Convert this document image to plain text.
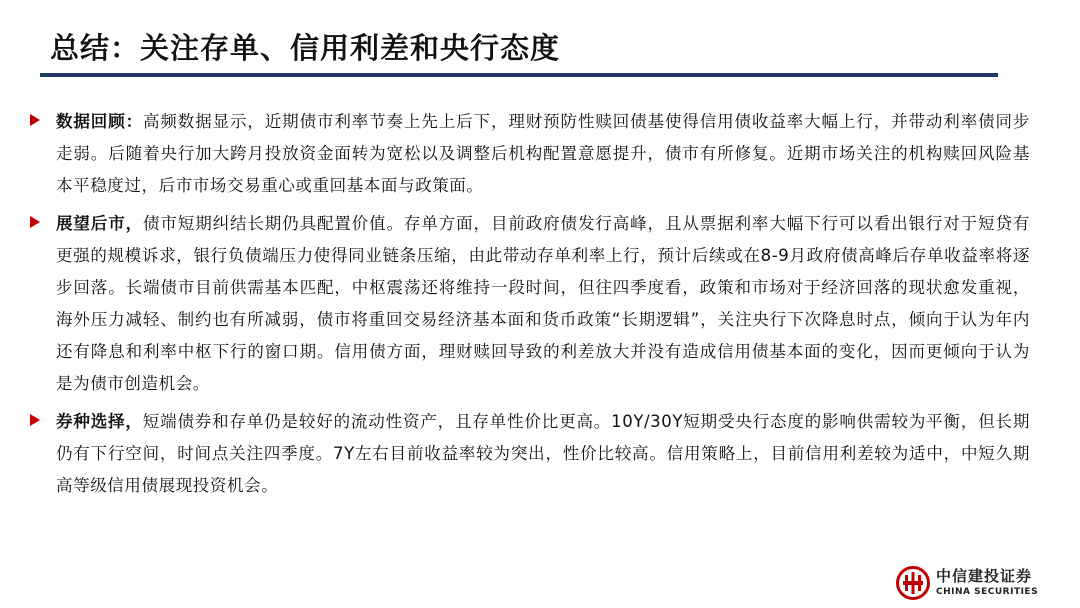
总结：关注存单、信用利差和央行态度
数据回顾：高频数据显示，近期债市利率节奏上先上后下，理财预防性赎回债基使得信用债收益率大幅上行，并带动利率债同步走弱。后随着央行加大跨月投放资金面转为宽松以及调整后机构配置意愿提升，债市有所修复。近期市场关注的机构赎回风险基本平稳度过，后市市场交易重心或重回基本面与政策面。
展望后市，债市短期纠结长期仍具配置价值。存单方面，目前政府债发行高峰，且从票据利率大幅下行可以看出银行对于短贷有更强的规模诉求，银行负债端压力使得同业链条压缩，由此带动存单利率上行，预计后续或在8-9月政府债高峰后存单收益率将逐步回落。长端债市目前供需基本匹配，中枢震荡还将维持一段时间，但往四季度看，政策和市场对于经济回落的现状愈发重视，海外压力减轻、制约也有所减弱，债市将重回交易经济基本面和货币政策“长期逻辑”，关注央行下次降息时点，倾向于认为年内还有降息和利率中枢下行的窗口期。信用债方面，理财赎回导致的利差放大并没有造成信用债基本面的变化，因而更倾向于认为是为债市创造机会。
券种选择，短端债券和存单仍是较好的流动性资产，且存单性价比更高。10Y/30Y短期受央行态度的影响供需较为平衡，但长期仍有下行空间，时间点关注四季度。7Y左右目前收益率较为突出，性价比较高。信用策略上，目前信用利差较为适中，中短久期高等级信用债展现投资机会。
中信建投证券
CHINA SECURITIES
